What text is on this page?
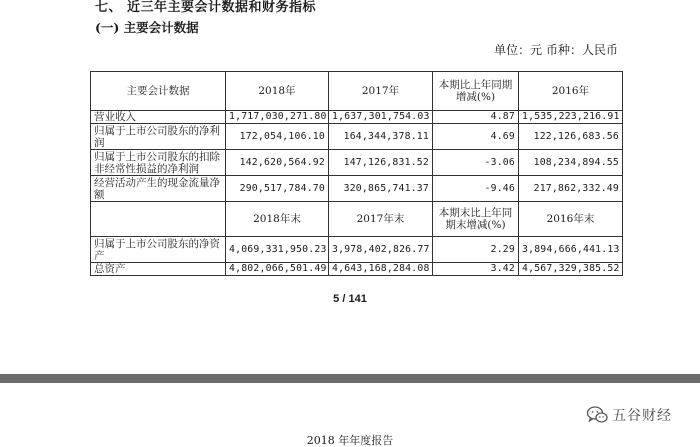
七、 近三年主要会计数据和财务指标
(一) 主要会计数据
单位：元 币种：人民币
主要会计数据	2018年	2017年	本期比上年同期增减(%)	2016年
营业收入	1,717,030,271.80	1,637,301,754.03	4.87	1,535,223,216.91
归属于上市公司股东的净利润	172,054,106.10	164,344,378.11	4.69	122,126,683.56
归属于上市公司股东的扣除非经常性损益的净利润	142,620,564.92	147,126,831.52	-3.06	108,234,894.55
经营活动产生的现金流量净额	290,517,784.70	320,865,741.37	-9.46	217,862,332.49
	2018年末	2017年末	本期末比上年同期末增减(%)	2016年末
归属于上市公司股东的净资产	4,069,331,950.23	3,978,402,826.77	2.29	3,894,666,441.13
总资产	4,802,066,501.49	4,643,168,284.08	3.42	4,567,329,385.52
5 / 141
五谷财经
2018 年年度报告
